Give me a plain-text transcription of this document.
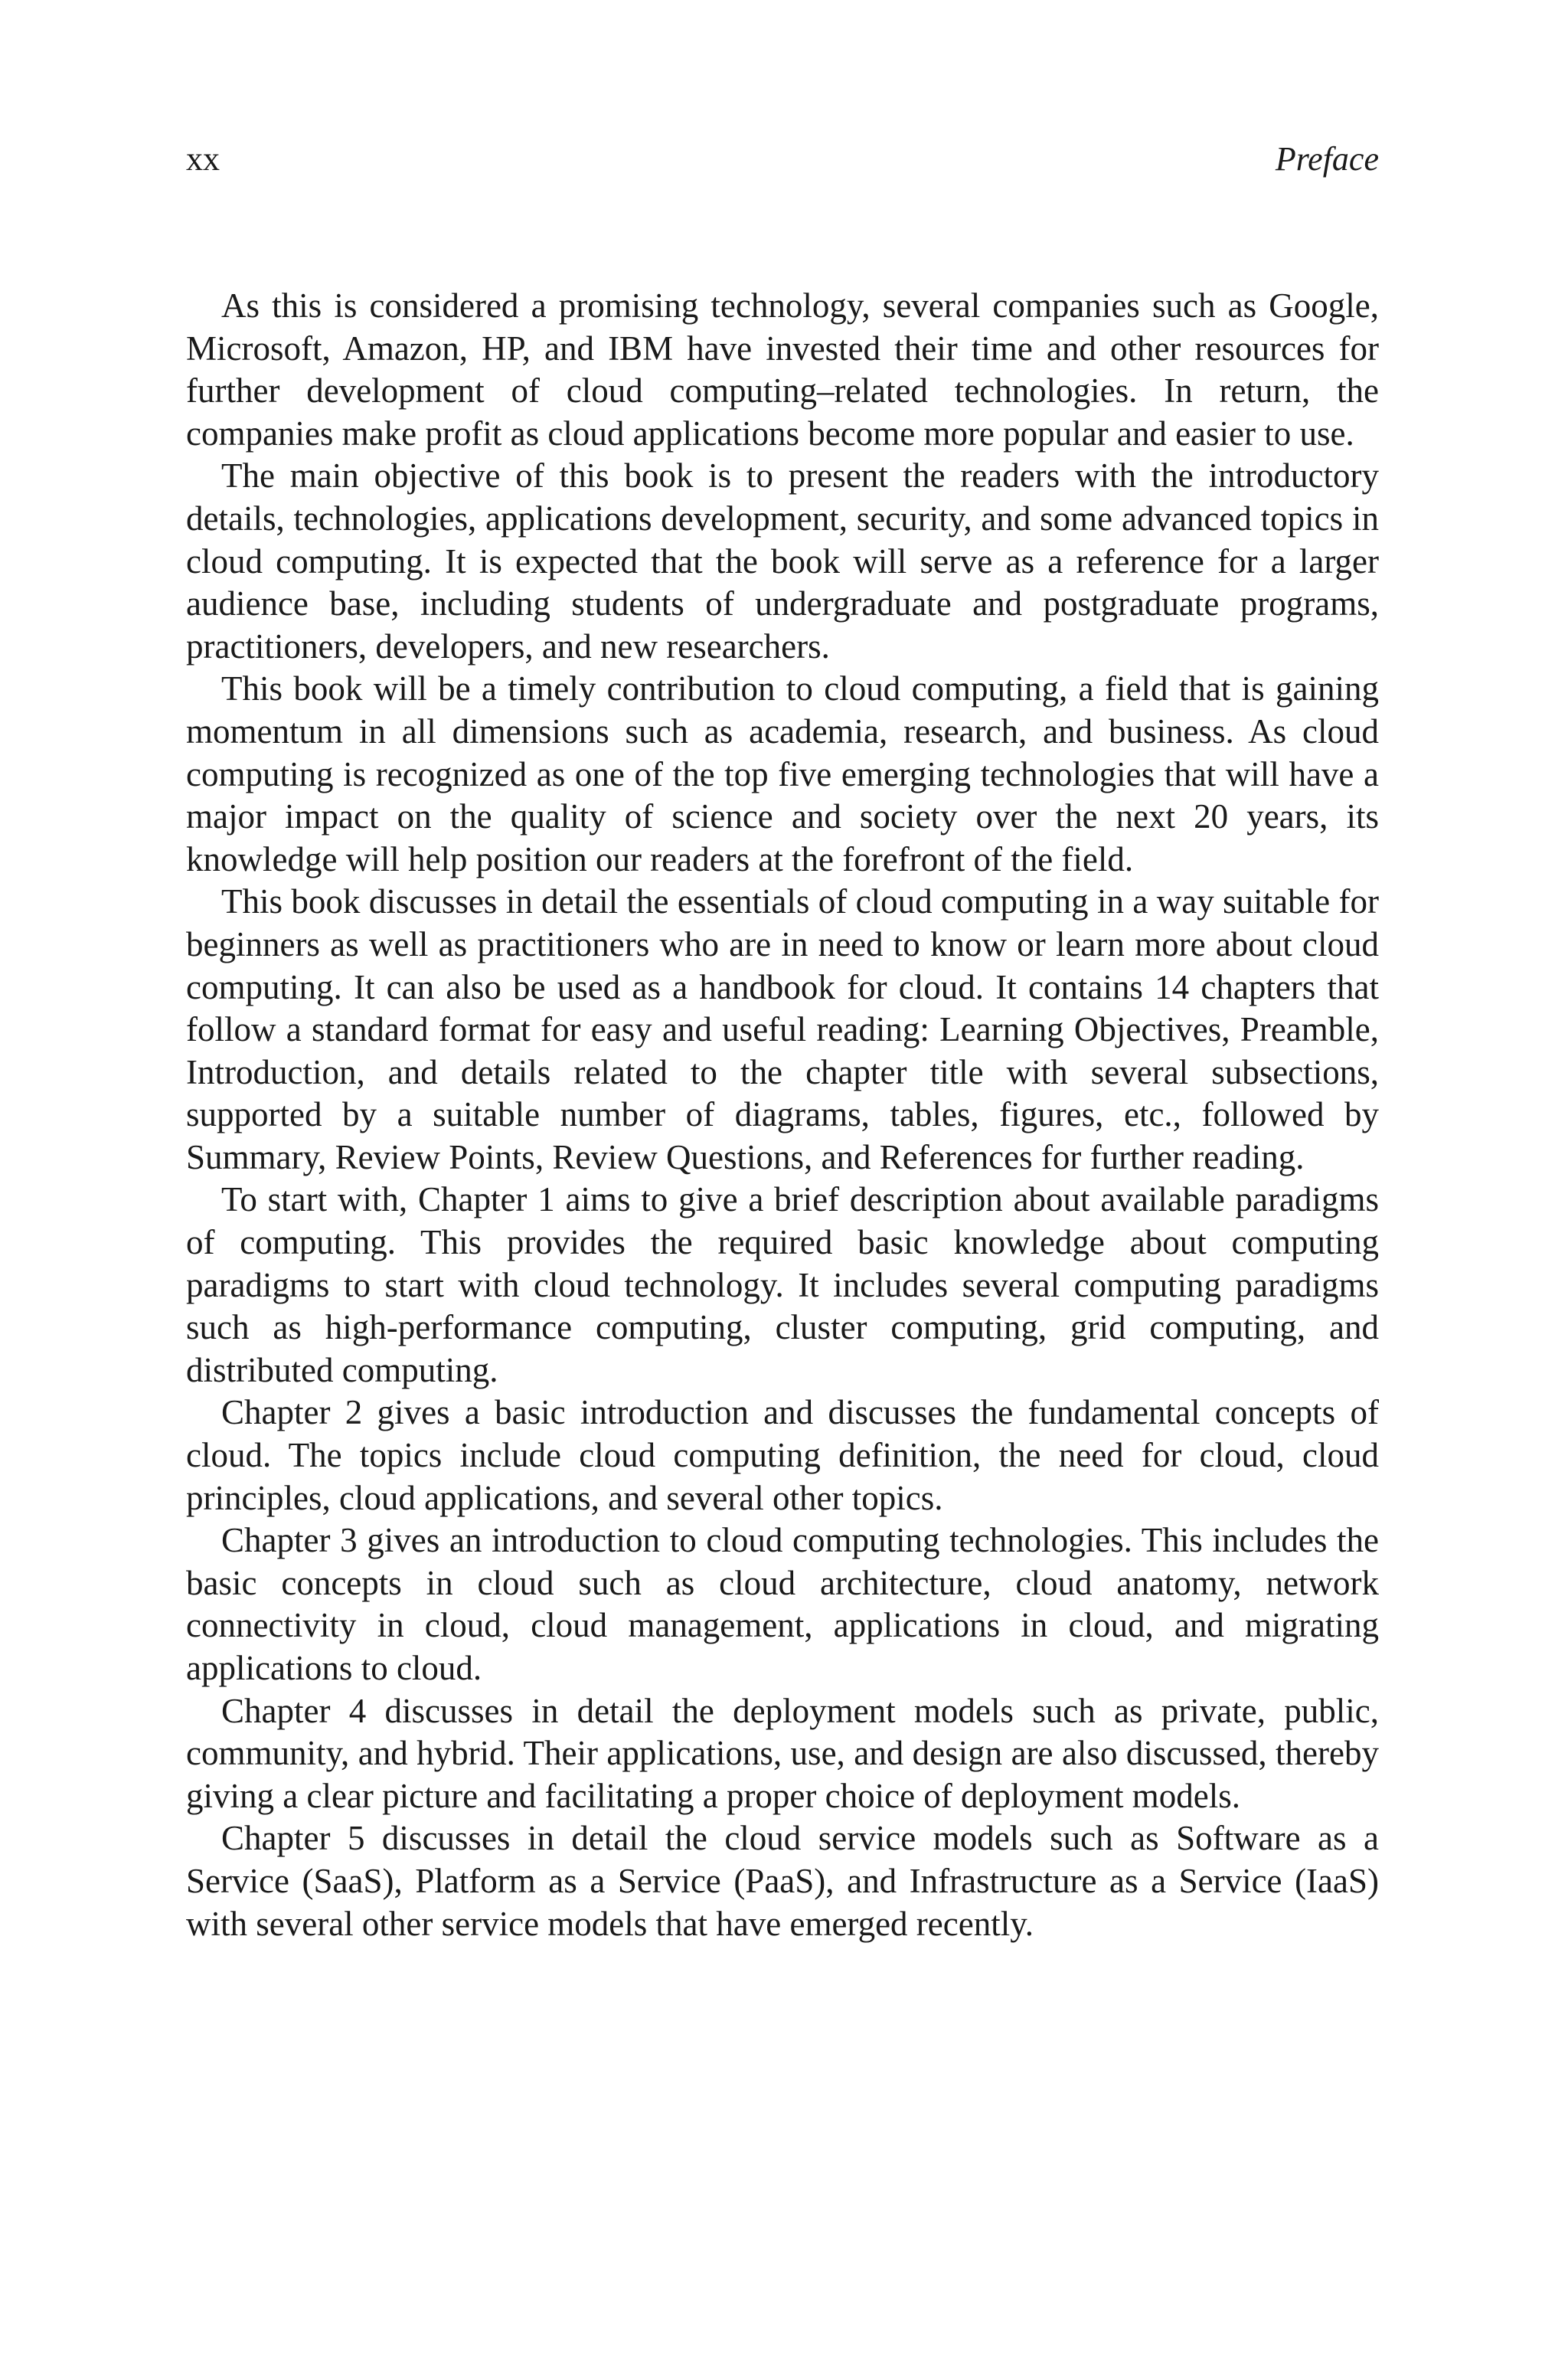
xx	Preface

As this is considered a promising technology, several companies such as Google, Microsoft, Amazon, HP, and IBM have invested their time and other resources for further development of cloud computing–related technologies. In return, the companies make profit as cloud applications become more popular and easier to use.

The main objective of this book is to present the readers with the introductory details, technologies, applications development, security, and some advanced topics in cloud computing. It is expected that the book will serve as a reference for a larger audience base, including students of undergraduate and postgraduate programs, practitioners, developers, and new researchers.

This book will be a timely contribution to cloud computing, a field that is gaining momentum in all dimensions such as academia, research, and business. As cloud computing is recognized as one of the top five emerging technologies that will have a major impact on the quality of science and society over the next 20 years, its knowledge will help position our readers at the forefront of the field.

This book discusses in detail the essentials of cloud computing in a way suitable for beginners as well as practitioners who are in need to know or learn more about cloud computing. It can also be used as a handbook for cloud. It contains 14 chapters that follow a standard format for easy and useful reading: Learning Objectives, Preamble, Introduction, and details related to the chapter title with several subsections, supported by a suitable number of diagrams, tables, figures, etc., followed by Summary, Review Points, Review Questions, and References for further reading.

To start with, Chapter 1 aims to give a brief description about available paradigms of computing. This provides the required basic knowledge about computing paradigms to start with cloud technology. It includes several computing paradigms such as high-performance computing, cluster computing, grid computing, and distributed computing.

Chapter 2 gives a basic introduction and discusses the fundamental concepts of cloud. The topics include cloud computing definition, the need for cloud, cloud principles, cloud applications, and several other topics.

Chapter 3 gives an introduction to cloud computing technologies. This includes the basic concepts in cloud such as cloud architecture, cloud anatomy, network connectivity in cloud, cloud management, applications in cloud, and migrating applications to cloud.

Chapter 4 discusses in detail the deployment models such as private, public, community, and hybrid. Their applications, use, and design are also discussed, thereby giving a clear picture and facilitating a proper choice of deployment models.

Chapter 5 discusses in detail the cloud service models such as Software as a Service (SaaS), Platform as a Service (PaaS), and Infrastructure as a Service (IaaS) with several other service models that have emerged recently.
